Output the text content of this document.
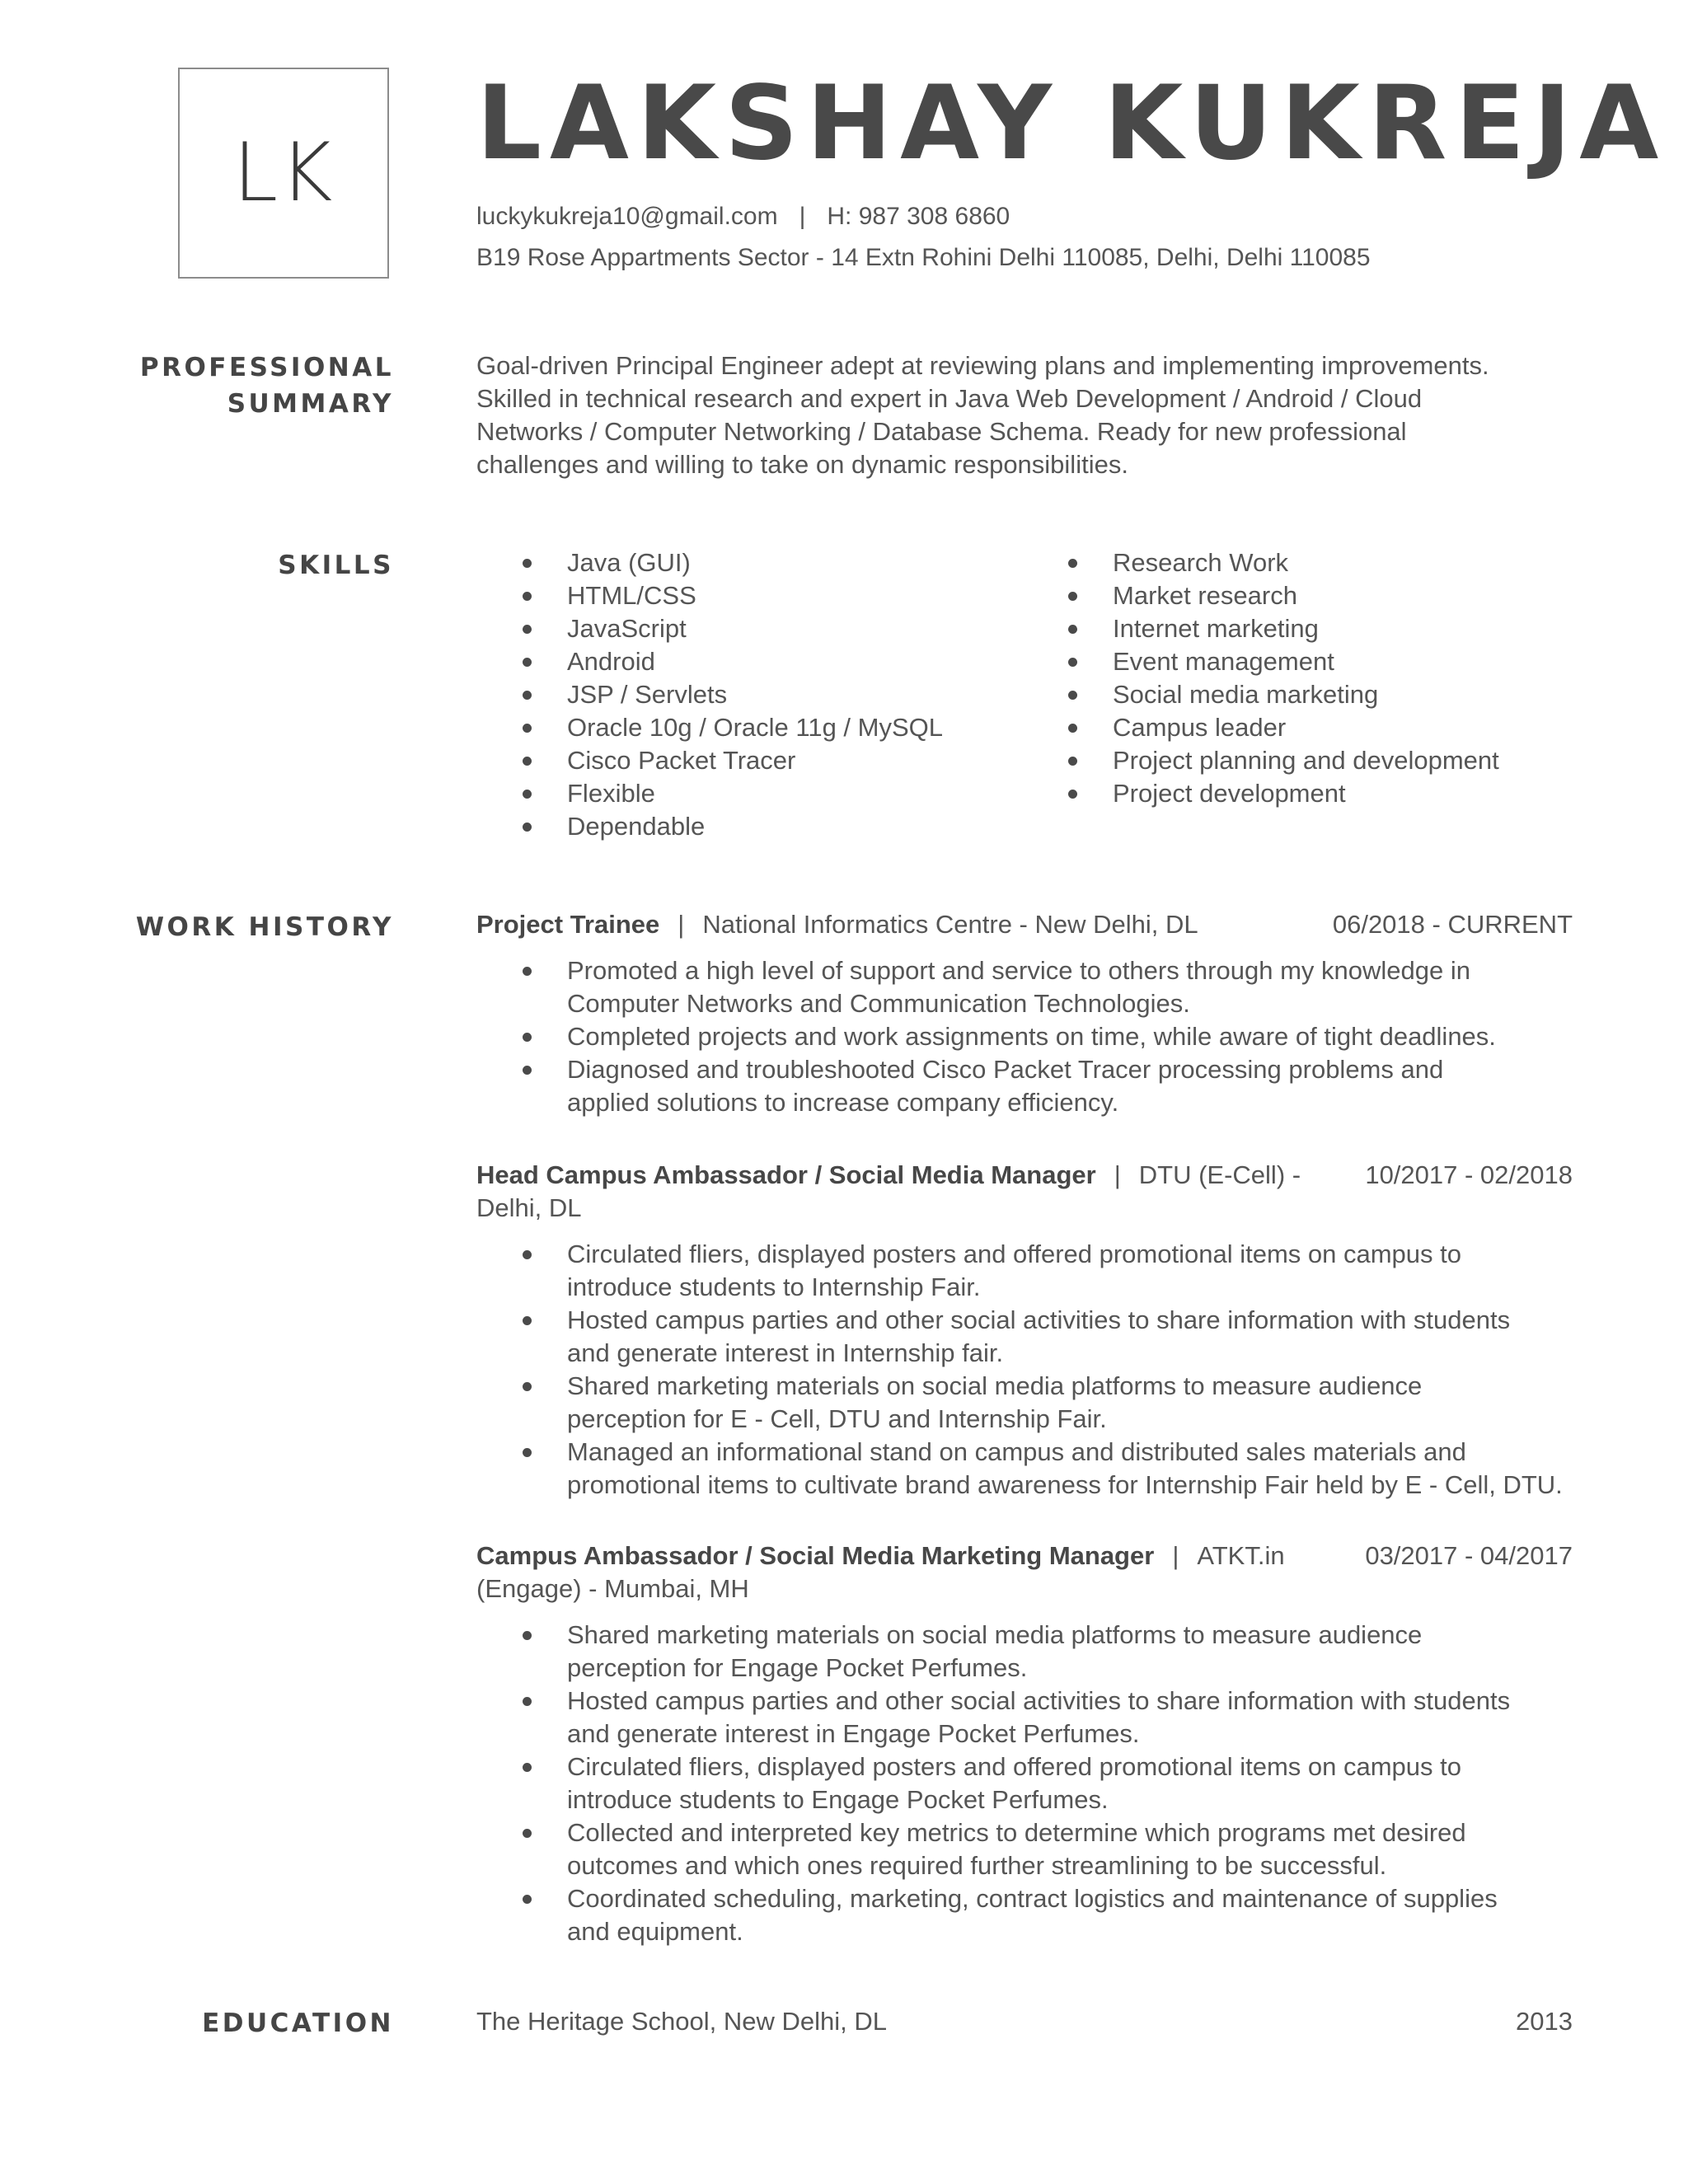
LK LAKSHAY KUKREJA
luckykukreja10@gmail.com | H: 987 308 6860
B19 Rose Appartments Sector - 14 Extn Rohini Delhi 110085, Delhi, Delhi 110085
PROFESSIONAL
SUMMARY
Goal-driven Principal Engineer adept at reviewing plans and implementing improvements.
Skilled in technical research and expert in Java Web Development / Android / Cloud
Networks / Computer Networking / Database Schema. Ready for new professional
challenges and willing to take on dynamic responsibilities.
SKILLS	Java (GUI)
HTML/CSS
JavaScript
Android
JSP / Servlets
Oracle 10g / Oracle 11g / MySQL
Cisco Packet Tracer
Flexible
Dependable
Research Work
Market research
Internet marketing
Event management
Social media marketing
Campus leader
Project planning and development
Project development
WORK HISTORY	Project Trainee | National Informatics Centre - New Delhi, DL	06/2018 - CURRENT
Promoted a high level of support and service to others through my knowledge in
Computer Networks and Communication Technologies.
Completed projects and work assignments on time, while aware of tight deadlines.
Diagnosed and troubleshooted Cisco Packet Tracer processing problems and
applied solutions to increase company efficiency.
Head Campus Ambassador / Social Media Manager | DTU (E-Cell) -	10/2017 - 02/2018
Delhi, DL
Circulated fliers, displayed posters and offered promotional items on campus to
introduce students to Internship Fair.
Hosted campus parties and other social activities to share information with students
and generate interest in Internship fair.
Shared marketing materials on social media platforms to measure audience
perception for E - Cell, DTU and Internship Fair.
Managed an informational stand on campus and distributed sales materials and
promotional items to cultivate brand awareness for Internship Fair held by E - Cell, DTU.
Campus Ambassador / Social Media Marketing Manager | ATKT.in	03/2017 - 04/2017
(Engage) - Mumbai, MH
Shared marketing materials on social media platforms to measure audience
perception for Engage Pocket Perfumes.
Hosted campus parties and other social activities to share information with students
and generate interest in Engage Pocket Perfumes.
Circulated fliers, displayed posters and offered promotional items on campus to
introduce students to Engage Pocket Perfumes.
Collected and interpreted key metrics to determine which programs met desired
outcomes and which ones required further streamlining to be successful.
Coordinated scheduling, marketing, contract logistics and maintenance of supplies
and equipment.
EDUCATION	The Heritage School, New Delhi, DL	2013
